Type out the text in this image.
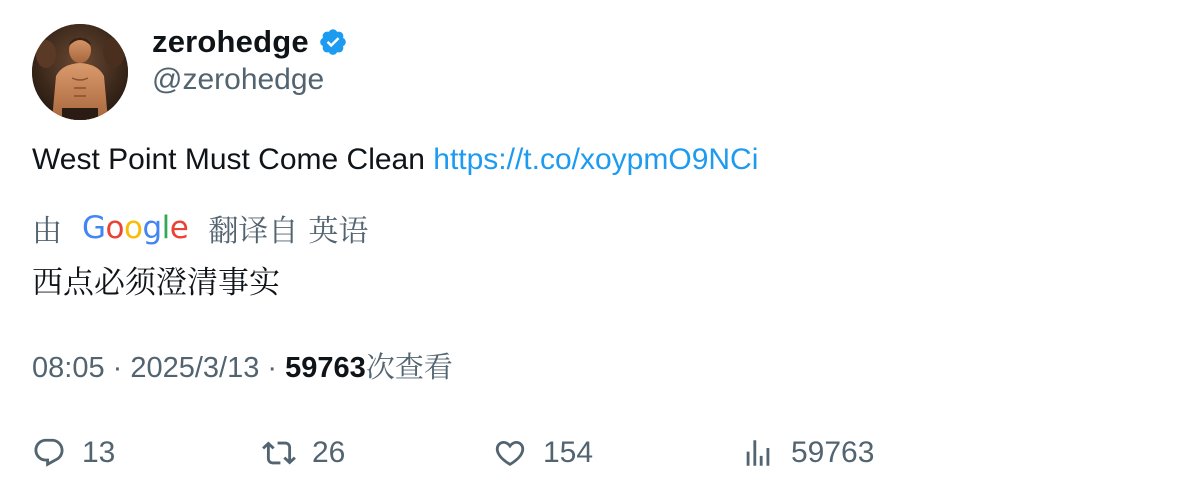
zerohedge
@zerohedge
West Point Must Come Clean https://t.co/xoypmO9NCi
由 G o o g l e 翻译自 英语
西点必须澄清事实
08:05 · 2025/3/13 · 59763次查看
13	26	154	59763
